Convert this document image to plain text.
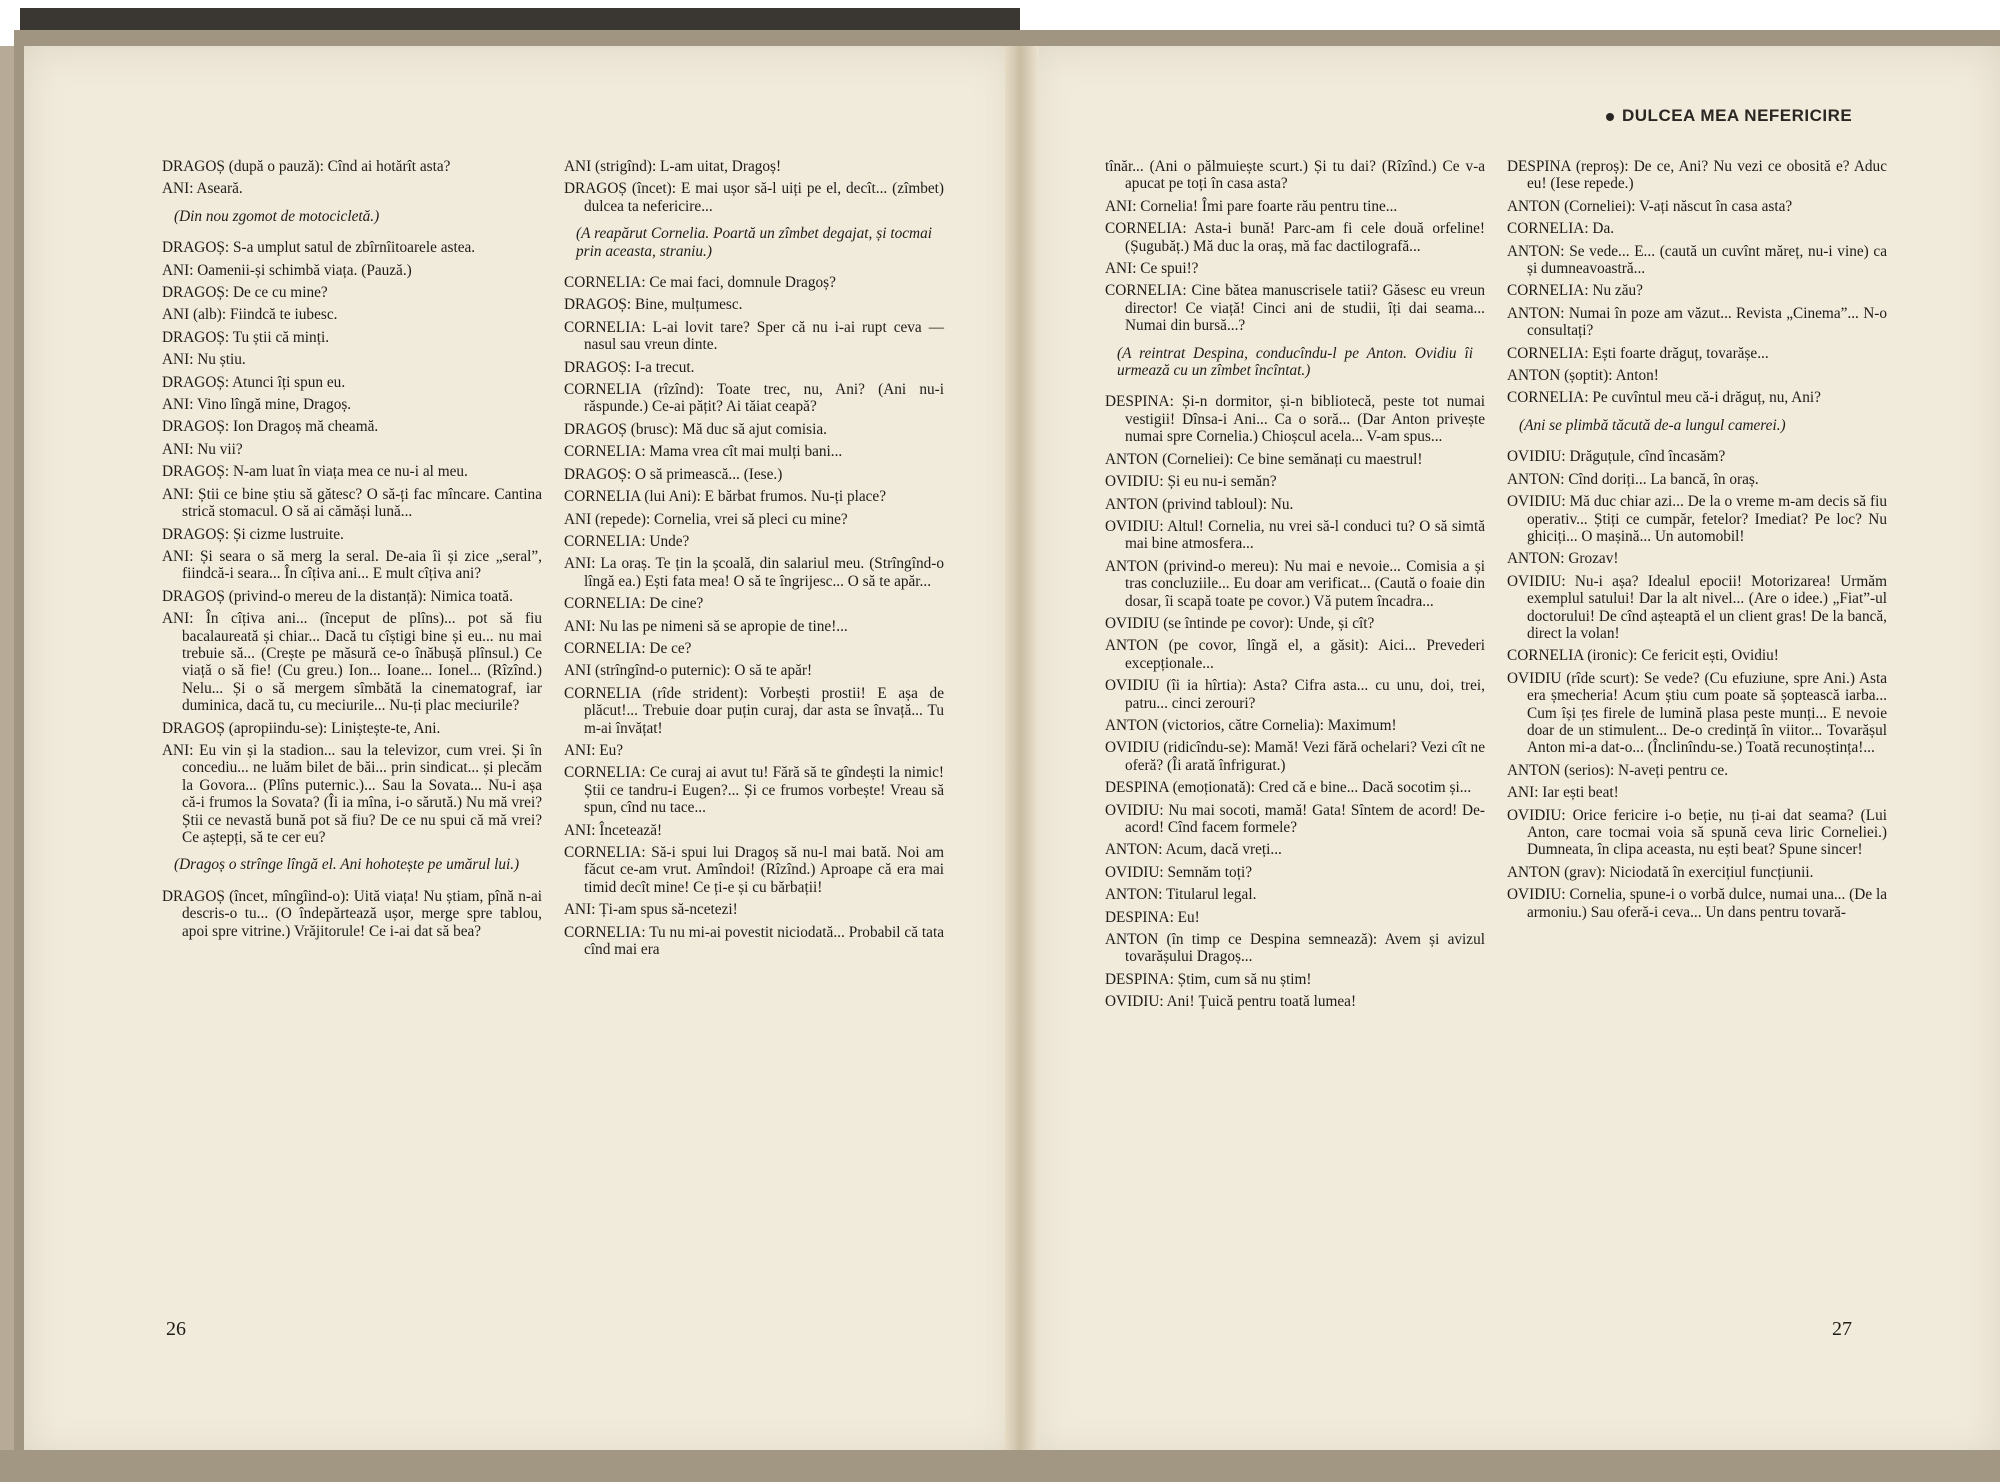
DULCEA MEA NEFERICIRE

DRAGOȘ (după o pauză): Cînd ai hotărît asta?

ANI: Aseară.

(Din nou zgomot de motocicletă.)

DRAGOȘ: S-a umplut satul de zbîrnîitoarele astea.

ANI: Oamenii-și schimbă viața. (Pauză.)

DRAGOȘ: De ce cu mine?

ANI (alb): Fiindcă te iubesc.

DRAGOȘ: Tu știi că minți.

ANI: Nu știu.

DRAGOȘ: Atunci îți spun eu.

ANI: Vino lîngă mine, Dragoș.

DRAGOȘ: Ion Dragoș mă cheamă.

ANI: Nu vii?

DRAGOȘ: N-am luat în viața mea ce nu-i al meu.

ANI: Știi ce bine știu să gătesc? O să-ți fac mîncare. Cantina strică stomacul. O să ai cămăși lună...

DRAGOȘ: Și cizme lustruite.

ANI: Și seara o să merg la seral. De-aia îi și zice „seral”, fiindcă-i seara... În cîțiva ani... E mult cîțiva ani?

DRAGOȘ (privind-o mereu de la distanță): Nimica toată.

ANI: În cîțiva ani... (început de plîns)... pot să fiu bacalaureată și chiar... Dacă tu cîștigi bine și eu... nu mai trebuie să... (Crește pe măsură ce-o înăbușă plînsul.) Ce viață o să fie! (Cu greu.) Ion... Ioane... Ionel... (Rîzînd.) Nelu... Și o să mergem sîmbătă la cinematograf, iar duminica, dacă tu, cu meciurile... Nu-ți plac meciurile?

DRAGOȘ (apropiindu-se): Liniștește-te, Ani.

ANI: Eu vin și la stadion... sau la televizor, cum vrei. Și în concediu... ne luăm bilet de băi... prin sindicat... și plecăm la Govora... (Plîns puternic.)... Sau la Sovata... Nu-i așa că-i frumos la Sovata? (Îi ia mîna, i-o sărută.) Nu mă vrei? Știi ce nevastă bună pot să fiu? De ce nu spui că mă vrei? Ce aștepți, să te cer eu?

(Dragoș o strînge lîngă el. Ani hohotește pe umărul lui.)

DRAGOȘ (încet, mîngîind-o): Uită viața! Nu știam, pînă n-ai descris-o tu... (O îndepărtează ușor, merge spre tablou, apoi spre vitrine.) Vrăjitorule! Ce i-ai dat să bea?

ANI (strigînd): L-am uitat, Dragoș!

DRAGOȘ (încet): E mai ușor să-l uiți pe el, decît... (zîmbet) dulcea ta nefericire...

(A reapărut Cornelia. Poartă un zîmbet degajat, și tocmai prin aceasta, straniu.)

CORNELIA: Ce mai faci, domnule Dragoș?

DRAGOȘ: Bine, mulțumesc.

CORNELIA: L-ai lovit tare? Sper că nu i-ai rupt ceva — nasul sau vreun dinte.

DRAGOȘ: I-a trecut.

CORNELIA (rîzînd): Toate trec, nu, Ani? (Ani nu-i răspunde.) Ce-ai pățit? Ai tăiat ceapă?

DRAGOȘ (brusc): Mă duc să ajut comisia.

CORNELIA: Mama vrea cît mai mulți bani...

DRAGOȘ: O să primească... (Iese.)

CORNELIA (lui Ani): E bărbat frumos. Nu-ți place?

ANI (repede): Cornelia, vrei să pleci cu mine?

CORNELIA: Unde?

ANI: La oraș. Te țin la școală, din salariul meu. (Strîngînd-o lîngă ea.) Ești fata mea! O să te îngrijesc... O să te apăr...

CORNELIA: De cine?

ANI: Nu las pe nimeni să se apropie de tine!...

CORNELIA: De ce?

ANI (strîngînd-o puternic): O să te apăr!

CORNELIA (rîde strident): Vorbești prostii! E așa de plăcut!... Trebuie doar puțin curaj, dar asta se învață... Tu m-ai învățat!

ANI: Eu?

CORNELIA: Ce curaj ai avut tu! Fără să te gîndești la nimic! Știi ce tandru-i Eugen?... Și ce frumos vorbește! Vreau să spun, cînd nu tace...

ANI: Încetează!

CORNELIA: Să-i spui lui Dragoș să nu-l mai bată. Noi am făcut ce-am vrut. Amîndoi! (Rîzînd.) Aproape că era mai timid decît mine! Ce ți-e și cu bărbații!

ANI: Ți-am spus să-ncetezi!

CORNELIA: Tu nu mi-ai povestit niciodată... Probabil că tata cînd mai era

tînăr... (Ani o pălmuiește scurt.) Și tu dai? (Rîzînd.) Ce v-a apucat pe toți în casa asta?

ANI: Cornelia! Îmi pare foarte rău pentru tine...

CORNELIA: Asta-i bună! Parc-am fi cele două orfeline! (Șugubăț.) Mă duc la oraș, mă fac dactilografă...

ANI: Ce spui!?

CORNELIA: Cine bătea manuscrisele tatii? Găsesc eu vreun director! Ce viață! Cinci ani de studii, îți dai seama... Numai din bursă...?

(A reintrat Despina, conducîndu-l pe Anton. Ovidiu îi urmează cu un zîmbet încîntat.)

DESPINA: Și-n dormitor, și-n bibliotecă, peste tot numai vestigii! Dînsa-i Ani... Ca o soră... (Dar Anton privește numai spre Cornelia.) Chioșcul acela... V-am spus...

ANTON (Corneliei): Ce bine semănați cu maestrul!

OVIDIU: Și eu nu-i semăn?

ANTON (privind tabloul): Nu.

OVIDIU: Altul! Cornelia, nu vrei să-l conduci tu? O să simtă mai bine atmosfera...

ANTON (privind-o mereu): Nu mai e nevoie... Comisia a și tras concluziile... Eu doar am verificat... (Caută o foaie din dosar, îi scapă toate pe covor.) Vă putem încadra...

OVIDIU (se întinde pe covor): Unde, și cît?

ANTON (pe covor, lîngă el, a găsit): Aici... Prevederi excepționale...

OVIDIU (îi ia hîrtia): Asta? Cifra asta... cu unu, doi, trei, patru... cinci zerouri?

ANTON (victorios, către Cornelia): Maximum!

OVIDIU (ridicîndu-se): Mamă! Vezi fără ochelari? Vezi cît ne oferă? (Îi arată înfrigurat.)

DESPINA (emoționată): Cred că e bine... Dacă socotim și...

OVIDIU: Nu mai socoti, mamă! Gata! Sîntem de acord! De-acord! Cînd facem formele?

ANTON: Acum, dacă vreți...

OVIDIU: Semnăm toți?

ANTON: Titularul legal.

DESPINA: Eu!

ANTON (în timp ce Despina semnează): Avem și avizul tovarășului Dragoș...

DESPINA: Știm, cum să nu știm!

OVIDIU: Ani! Țuică pentru toată lumea!

DESPINA (reproș): De ce, Ani? Nu vezi ce obosită e? Aduc eu! (Iese repede.)

ANTON (Corneliei): V-ați născut în casa asta?

CORNELIA: Da.

ANTON: Se vede... E... (caută un cuvînt măreț, nu-i vine) ca și dumneavoastră...

CORNELIA: Nu zău?

ANTON: Numai în poze am văzut... Revista „Cinema”... N-o consultați?

CORNELIA: Ești foarte drăguț, tovarășe...

ANTON (șoptit): Anton!

CORNELIA: Pe cuvîntul meu că-i drăguț, nu, Ani?

(Ani se plimbă tăcută de-a lungul camerei.)

OVIDIU: Drăguțule, cînd încasăm?

ANTON: Cînd doriți... La bancă, în oraș.

OVIDIU: Mă duc chiar azi... De la o vreme m-am decis să fiu operativ... Știți ce cumpăr, fetelor? Imediat? Pe loc? Nu ghiciți... O mașină... Un automobil!

ANTON: Grozav!

OVIDIU: Nu-i așa? Idealul epocii! Motorizarea! Urmăm exemplul satului! Dar la alt nivel... (Are o idee.) „Fiat”-ul doctorului! De cînd așteaptă el un client gras! De la bancă, direct la volan!

CORNELIA (ironic): Ce fericit ești, Ovidiu!

OVIDIU (rîde scurt): Se vede? (Cu efuziune, spre Ani.) Asta era șmecheria! Acum știu cum poate să șoptească iarba... Cum își țes firele de lumină plasa peste munți... E nevoie doar de un stimulent... De-o credință în viitor... Tovarășul Anton mi-a dat-o... (Înclinîndu-se.) Toată recunoștința!...

ANTON (serios): N-aveți pentru ce.

ANI: Iar ești beat!

OVIDIU: Orice fericire i-o beție, nu ți-ai dat seama? (Lui Anton, care tocmai voia să spună ceva liric Corneliei.) Dumneata, în clipa aceasta, nu ești beat? Spune sincer!

ANTON (grav): Niciodată în exercițiul funcțiunii.

OVIDIU: Cornelia, spune-i o vorbă dulce, numai una... (De la armoniu.) Sau oferă-i ceva... Un dans pentru tovară-

26	27
